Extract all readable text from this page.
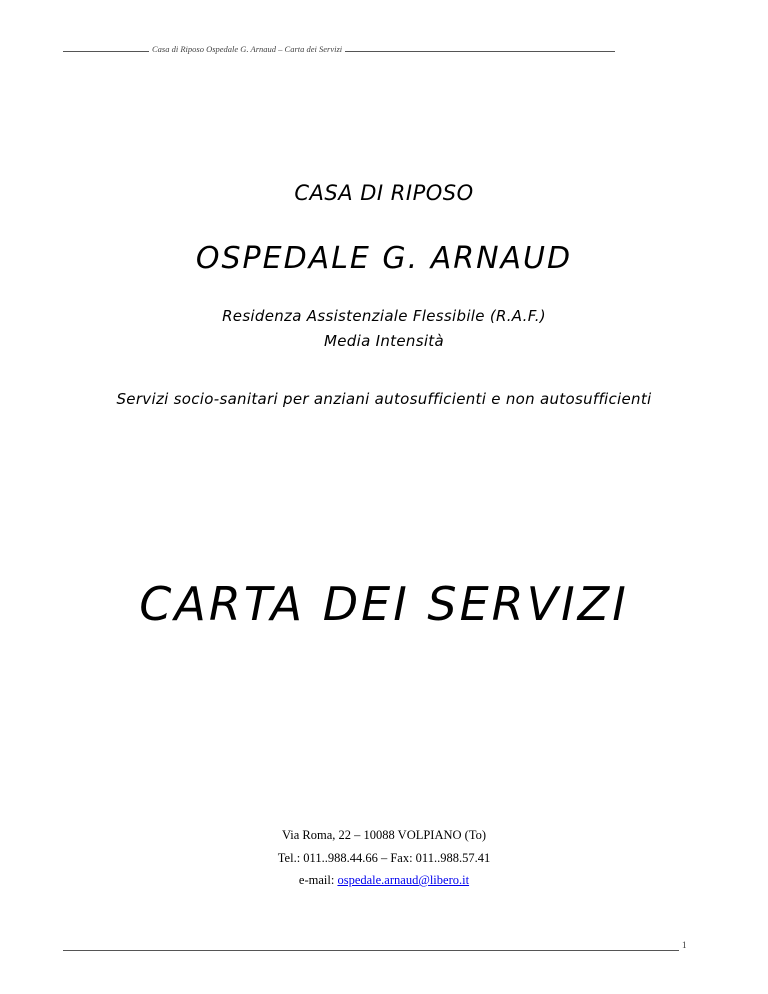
Casa di Riposo Ospedale G. Arnaud – Carta dei Servizi
CASA DI RIPOSO
OSPEDALE G. ARNAUD
Residenza Assistenziale Flessibile (R.A.F.)
Media Intensità
Servizi socio-sanitari per anziani autosufficienti e non autosufficienti
CARTA DEI SERVIZI
Via Roma, 22 – 10088 VOLPIANO (To)
Tel.: 011..988.44.66 – Fax: 011..988.57.41
e-mail: ospedale.arnaud@libero.it
1
